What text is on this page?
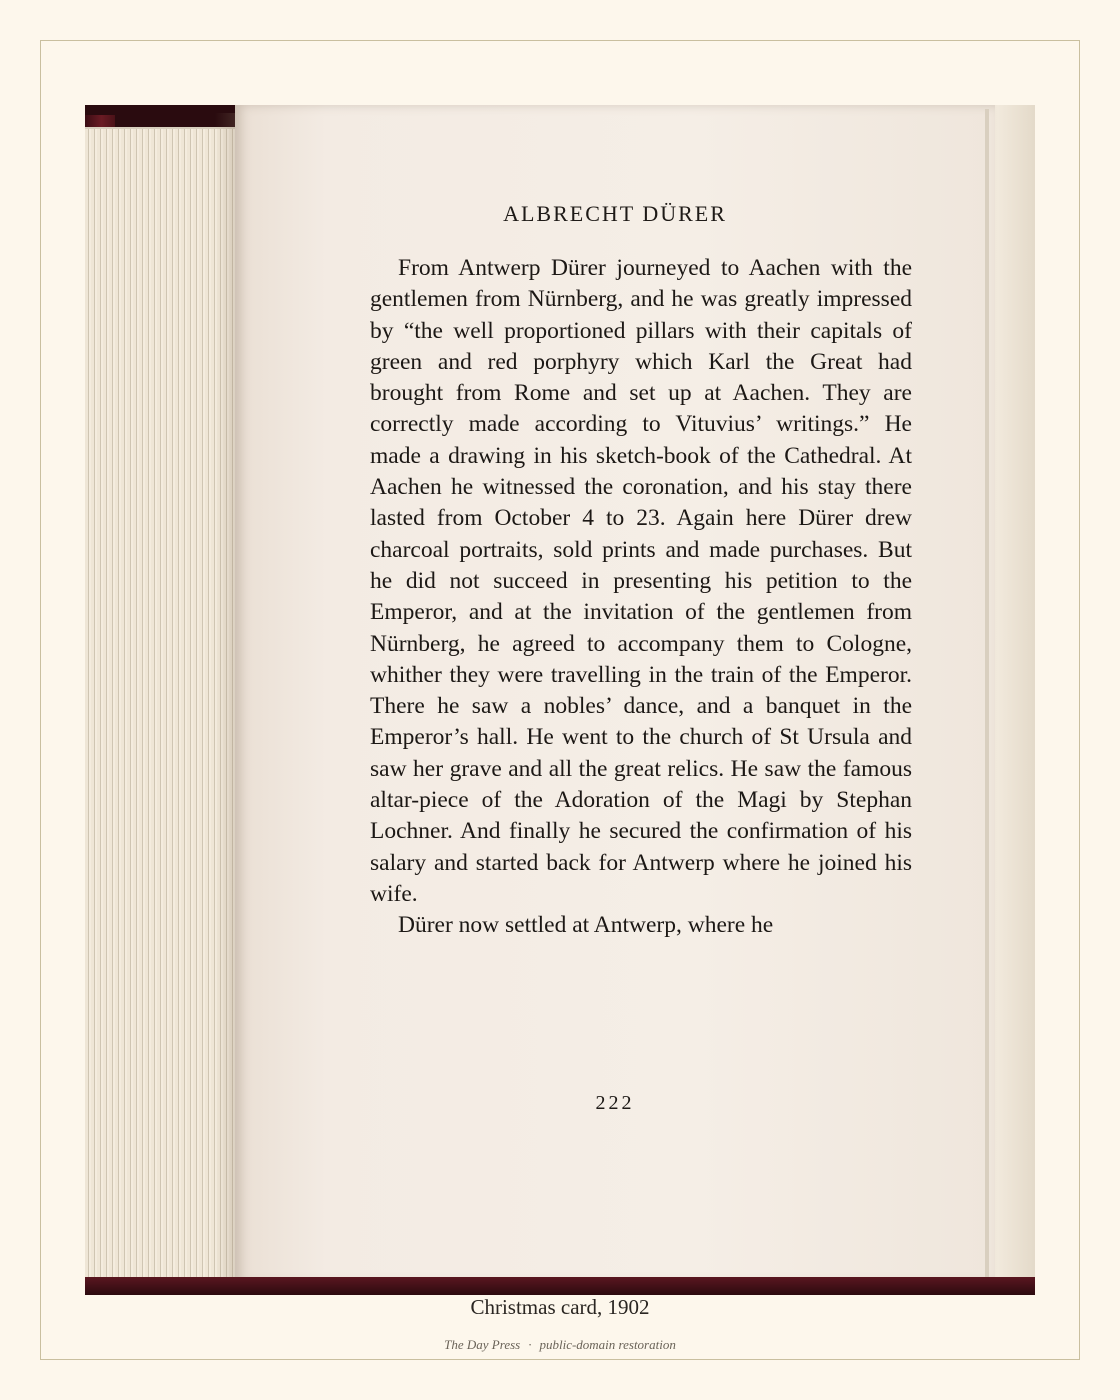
ALBRECHT DÜRER

From Antwerp Dürer journeyed to Aachen with the gentlemen from Nürnberg, and he was greatly impressed by “the well proportioned pillars with their capitals of green and red porphyry which Karl the Great had brought from Rome and set up at Aachen. They are correctly made according to Vituvius’ writings.” He made a drawing in his sketch-book of the Cathedral. At Aachen he witnessed the coronation, and his stay there lasted from October 4 to 23. Again here Dürer drew charcoal portraits, sold prints and made purchases. But he did not succeed in presenting his petition to the Emperor, and at the invitation of the gentlemen from Nürnberg, he agreed to accompany them to Cologne, whither they were travelling in the train of the Emperor. There he saw a nobles’ dance, and a banquet in the Emperor’s hall. He went to the church of St Ursula and saw her grave and all the great relics. He saw the famous altar-piece of the Adoration of the Magi by Stephan Lochner. And finally he secured the confirmation of his salary and started back for Antwerp where he joined his wife.

Dürer now settled at Antwerp, where he

222
Christmas card, 1902
The Day Press · public-domain restoration
